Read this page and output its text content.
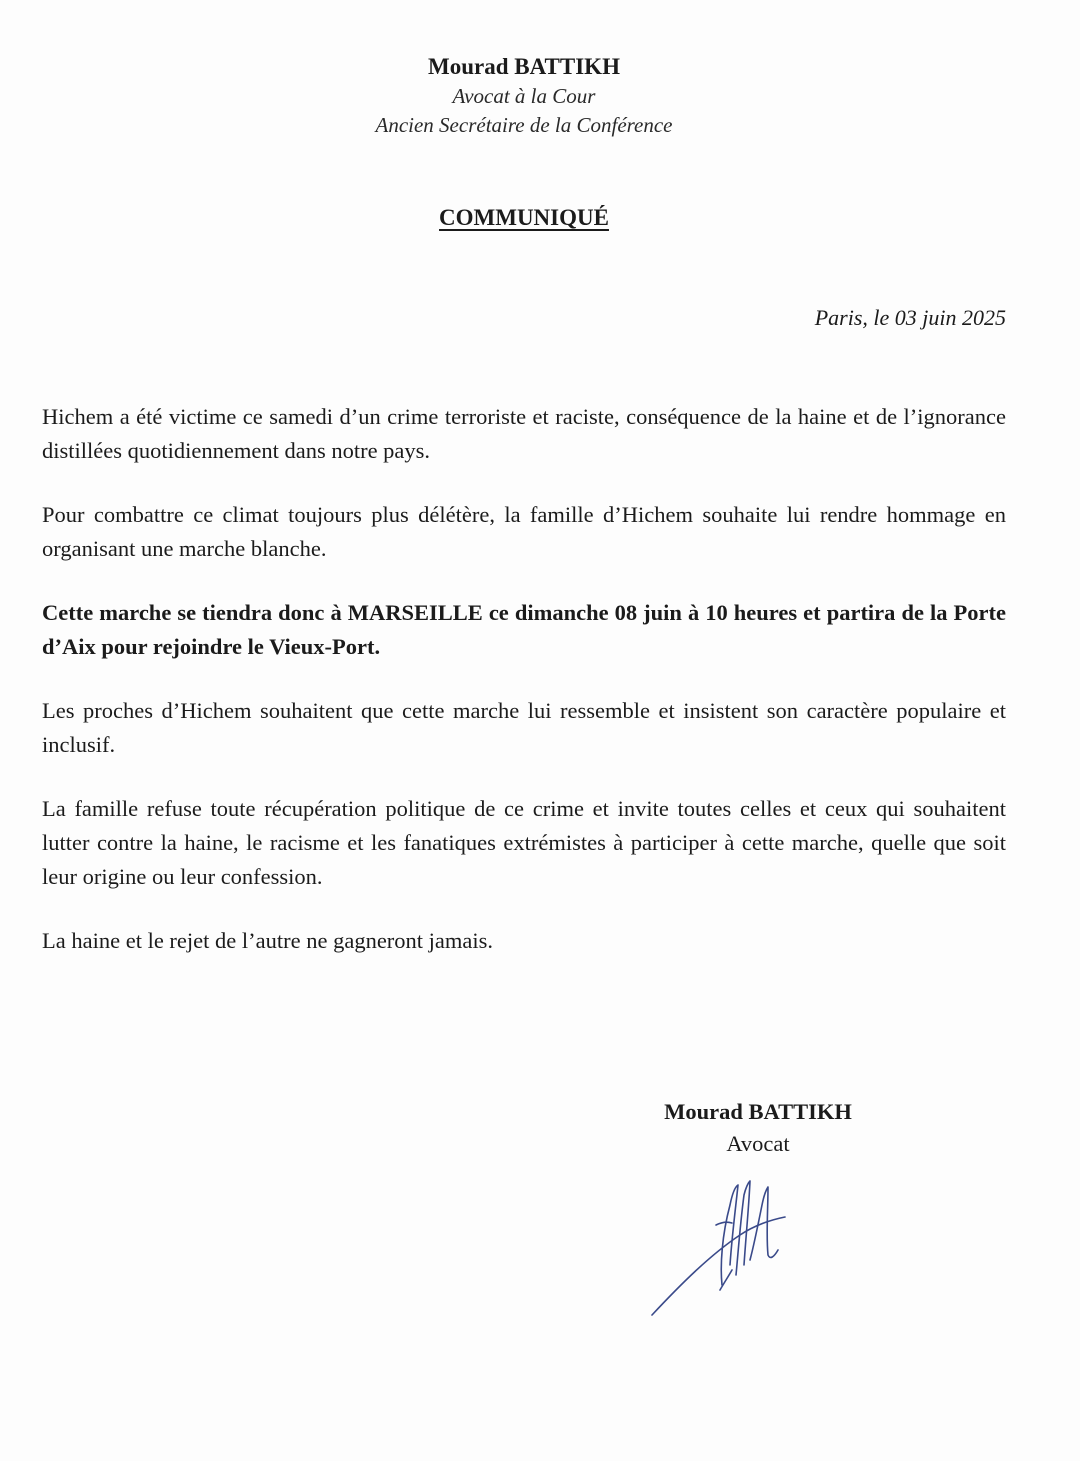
Mourad BATTIKH
Avocat à la Cour
Ancien Secrétaire de la Conférence
COMMUNIQUÉ
Paris, le 03 juin 2025

Hichem a été victime ce samedi d’un crime terroriste et raciste, conséquence de la haine et de l’ignorance distillées quotidiennement dans notre pays.

Pour combattre ce climat toujours plus délétère, la famille d’Hichem souhaite lui rendre hommage en organisant une marche blanche.

Cette marche se tiendra donc à MARSEILLE ce dimanche 08 juin à 10 heures et partira de la Porte d’Aix pour rejoindre le Vieux-Port.

Les proches d’Hichem souhaitent que cette marche lui ressemble et insistent son caractère populaire et inclusif.

La famille refuse toute récupération politique de ce crime et invite toutes celles et ceux qui souhaitent lutter contre la haine, le racisme et les fanatiques extrémistes à participer à cette marche, quelle que soit leur origine ou leur confession.

La haine et le rejet de l’autre ne gagneront jamais.

Mourad BATTIKH
Avocat
